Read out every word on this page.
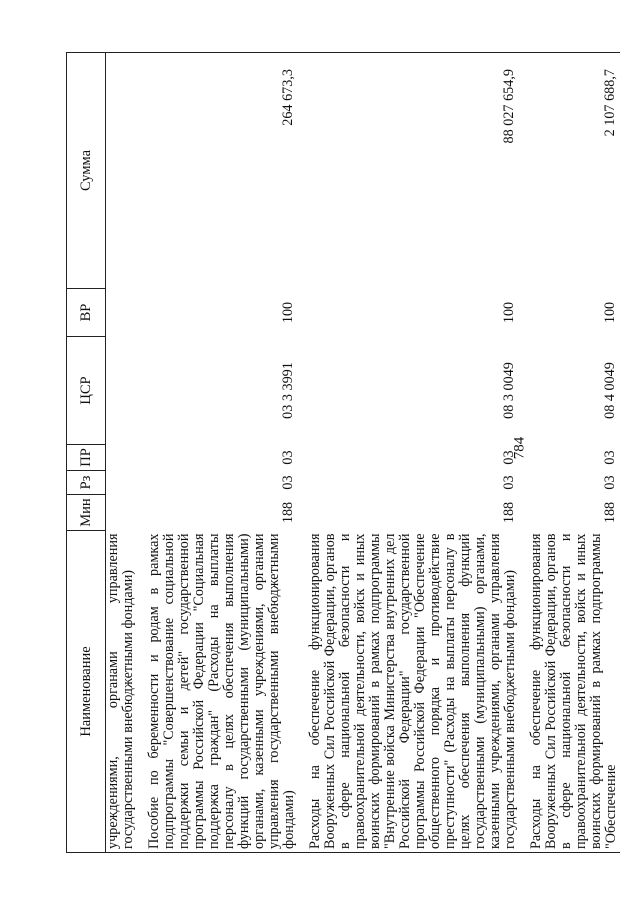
784
Наименование	Мин	Рз	ПР	ЦСР	ВР	Сумма
учреждениями, органами управления государственными внебюджетными фондами)						
Пособие по беременности и родам в рамках подпрограммы "Совершенствование социальной поддержки семьи и детей" государственной программы Российской Федерации "Социальная поддержка граждан" (Расходы на выплаты персоналу в целях обеспечения выполнения функций государственными (муниципальными) органами, казенными учреждениями, органами управления государственными внебюджетными фондами)	188	03	03	03 3 3991	100	264 673,3
Расходы на обеспечение функционирования Вооруженных Сил Российской Федерации, органов в сфере национальной безопасности и правоохранительной деятельности, войск и иных воинских формирований в рамках подпрограммы "Внутренние войска Министерства внутренних дел Российской Федерации" государственной программы Российской Федерации "Обеспечение общественного порядка и противодействие преступности" (Расходы на выплаты персоналу в целях обеспечения выполнения функций государственными (муниципальными) органами, казенными учреждениями, органами управления государственными внебюджетными фондами)	188	03	03	08 3 0049	100	88 027 654,9
Расходы на обеспечение функционирования Вооруженных Сил Российской Федерации, органов в сфере национальной безопасности и правоохранительной деятельности, войск и иных воинских формирований в рамках подпрограммы "Обеспечение	188	03	03	08 4 0049	100	2 107 688,7
